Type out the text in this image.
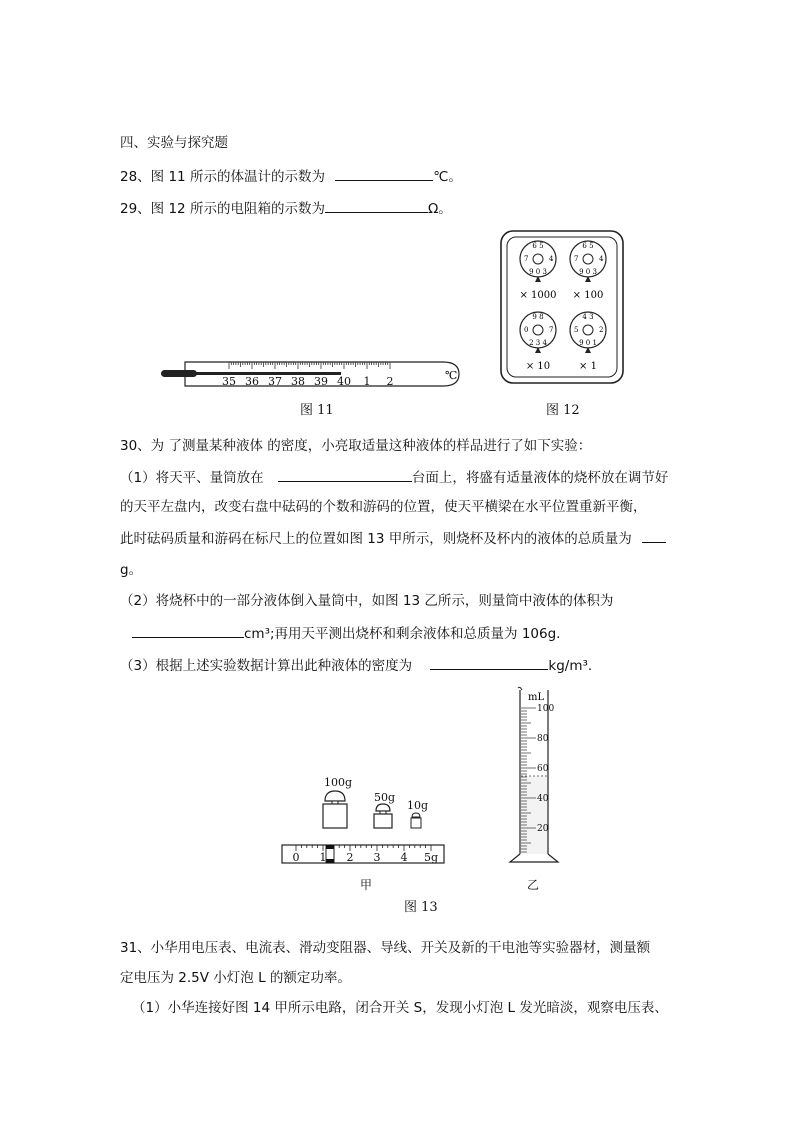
四、实验与探究题
28、图 11 所示的体温计的示数为	℃。
29、图 12 所示的电阻箱的示数为	Ω。
35 36 37 38 39 40 1 2	℃
图 11
6 5
7	4
9 0 3
6 5
7	4
9 0 3
9 8
0	7
2 3 4
4 3
5	2
9 0 1
× 1000 × 100
× 10	× 1
图 12
30、为 了测量某种液体 的密度，小亮取适量这种液体的样品进行了如下实验：
（1）将天平、量筒放在	台面上，将盛有适量液体的烧杯放在调节好
的天平左盘内，改变右盘中砝码的个数和游码的位置，使天平横梁在水平位置重新平衡，
此时砝码质量和游码在标尺上的位置如图 13 甲所示，则烧杯及杯内的液体的总质量为
g。
（2）将烧杯中的一部分液体倒入量筒中，如图 13 乙所示，则量筒中液体的体积为
cm³;再用天平测出烧杯和剩余液体和总质量为 106g.
（3）根据上述实验数据计算出此种液体的密度为	kg/m³.
0 1 2 3 4 5g
100g
50g
10g
甲
100
80
60
40
20
mL
乙
图 13
31、小华用电压表、电流表、滑动变阻器、导线、开关及新的干电池等实验器材，测量额
定电压为 2.5V 小灯泡 L 的额定功率。
（1）小华连接好图 14 甲所示电路，闭合开关 S，发现小灯泡 L 发光暗淡，观察电压表、
